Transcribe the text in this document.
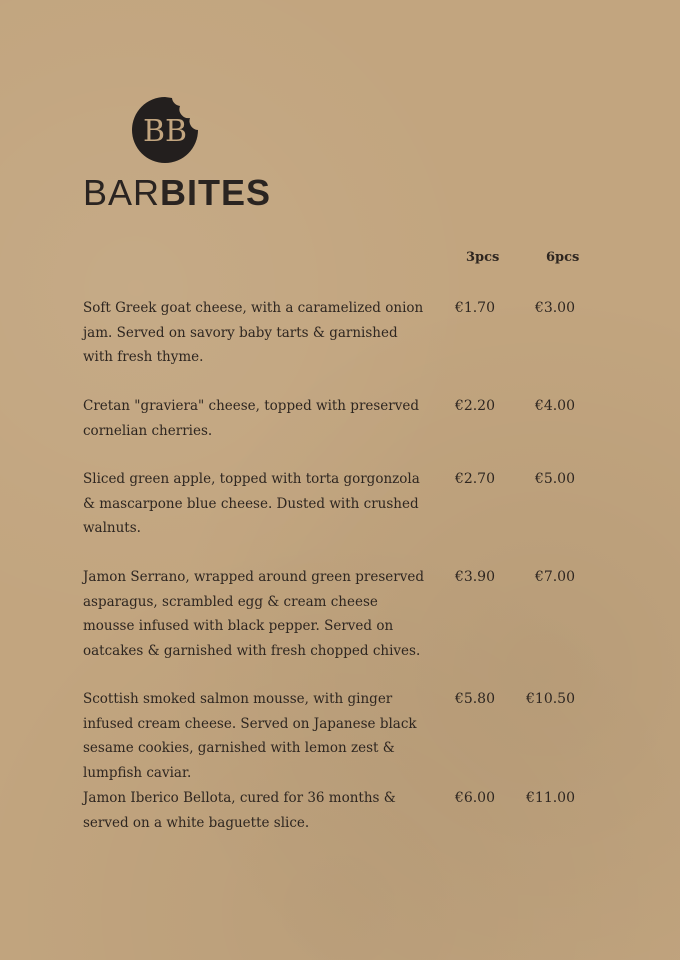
BB
BARBITES
3pcs	6pcs
Soft Greek goat cheese, with a caramelized onion jam. Served on savory baby tarts & garnished with fresh thyme.
€1.70	€3.00
Cretan "graviera" cheese, topped with preserved cornelian cherries.
€2.20	€4.00
Sliced green apple, topped with torta gorgonzola & mascarpone blue cheese. Dusted with crushed walnuts.
€2.70	€5.00
Jamon Serrano, wrapped around green preserved asparagus, scrambled egg & cream cheese mousse infused with black pepper. Served on oatcakes & garnished with fresh chopped chives.
€3.90	€7.00
Scottish smoked salmon mousse, with ginger infused cream cheese. Served on Japanese black sesame cookies, garnished with lemon zest & lumpfish caviar.
€5.80 €10.50
Jamon Iberico Bellota, cured for 36 months & served on a white baguette slice.
€6.00 €11.00
